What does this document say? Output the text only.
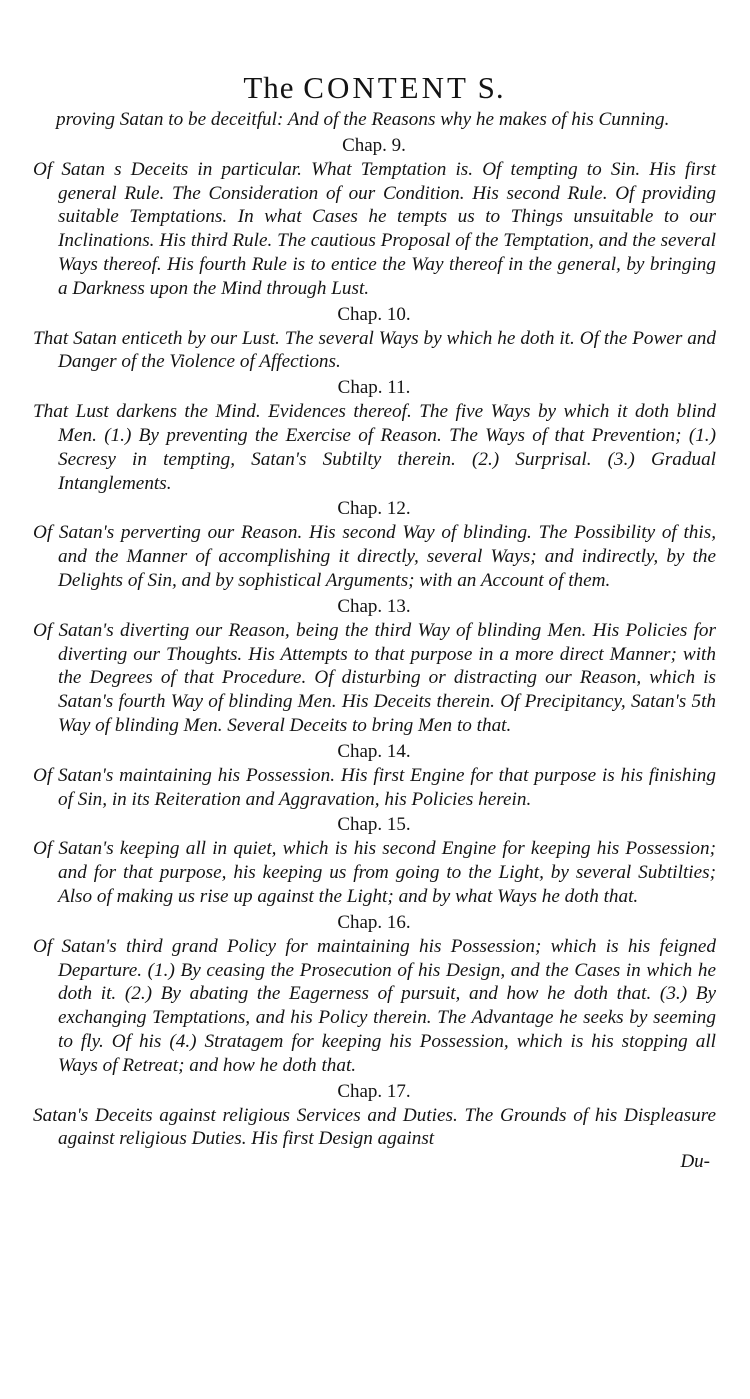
The CONTENT S.

proving Satan to be deceitful: And of the Reasons why he makes of his Cunning.

Chap. 9.

Of Satan s Deceits in particular. What Temptation is. Of tempting to Sin. His first general Rule. The Consideration of our Condition. His second Rule. Of providing suitable Temptations. In what Cases he tempts us to Things unsuitable to our Inclinations. His third Rule. The cautious Proposal of the Temptation, and the several Ways thereof. His fourth Rule is to entice the Way thereof in the general, by bringing a Darkness upon the Mind through Lust.

Chap. 10.

That Satan enticeth by our Lust. The several Ways by which he doth it. Of the Power and Danger of the Violence of Affections.

Chap. 11.

That Lust darkens the Mind. Evidences thereof. The five Ways by which it doth blind Men. (1.) By preventing the Exercise of Reason. The Ways of that Prevention; (1.) Secresy in tempting, Satan's Subtilty therein. (2.) Surprisal. (3.) Gradual Intanglements.

Chap. 12.

Of Satan's perverting our Reason. His second Way of blinding. The Possibility of this, and the Manner of accomplishing it directly, several Ways; and indirectly, by the Delights of Sin, and by sophistical Arguments; with an Account of them.

Chap. 13.

Of Satan's diverting our Reason, being the third Way of blinding Men. His Policies for diverting our Thoughts. His Attempts to that purpose in a more direct Manner; with the Degrees of that Procedure. Of disturbing or distracting our Reason, which is Satan's fourth Way of blinding Men. His Deceits therein. Of Precipitancy, Satan's 5th Way of blinding Men. Several Deceits to bring Men to that.

Chap. 14.

Of Satan's maintaining his Possession. His first Engine for that purpose is his finishing of Sin, in its Reiteration and Aggravation, his Policies herein.

Chap. 15.

Of Satan's keeping all in quiet, which is his second Engine for keeping his Possession; and for that purpose, his keeping us from going to the Light, by several Subtilties; Also of making us rise up against the Light; and by what Ways he doth that.

Chap. 16.

Of Satan's third grand Policy for maintaining his Possession; which is his feigned Departure. (1.) By ceasing the Prosecution of his Design, and the Cases in which he doth it. (2.) By abating the Eagerness of pursuit, and how he doth that. (3.) By exchanging Temptations, and his Policy therein. The Advantage he seeks by seeming to fly. Of his (4.) Stratagem for keeping his Possession, which is his stopping all Ways of Retreat; and how he doth that.

Chap. 17.

Satan's Deceits against religious Services and Duties. The Grounds of his Displeasure against religious Duties. His first Design against

Du-
